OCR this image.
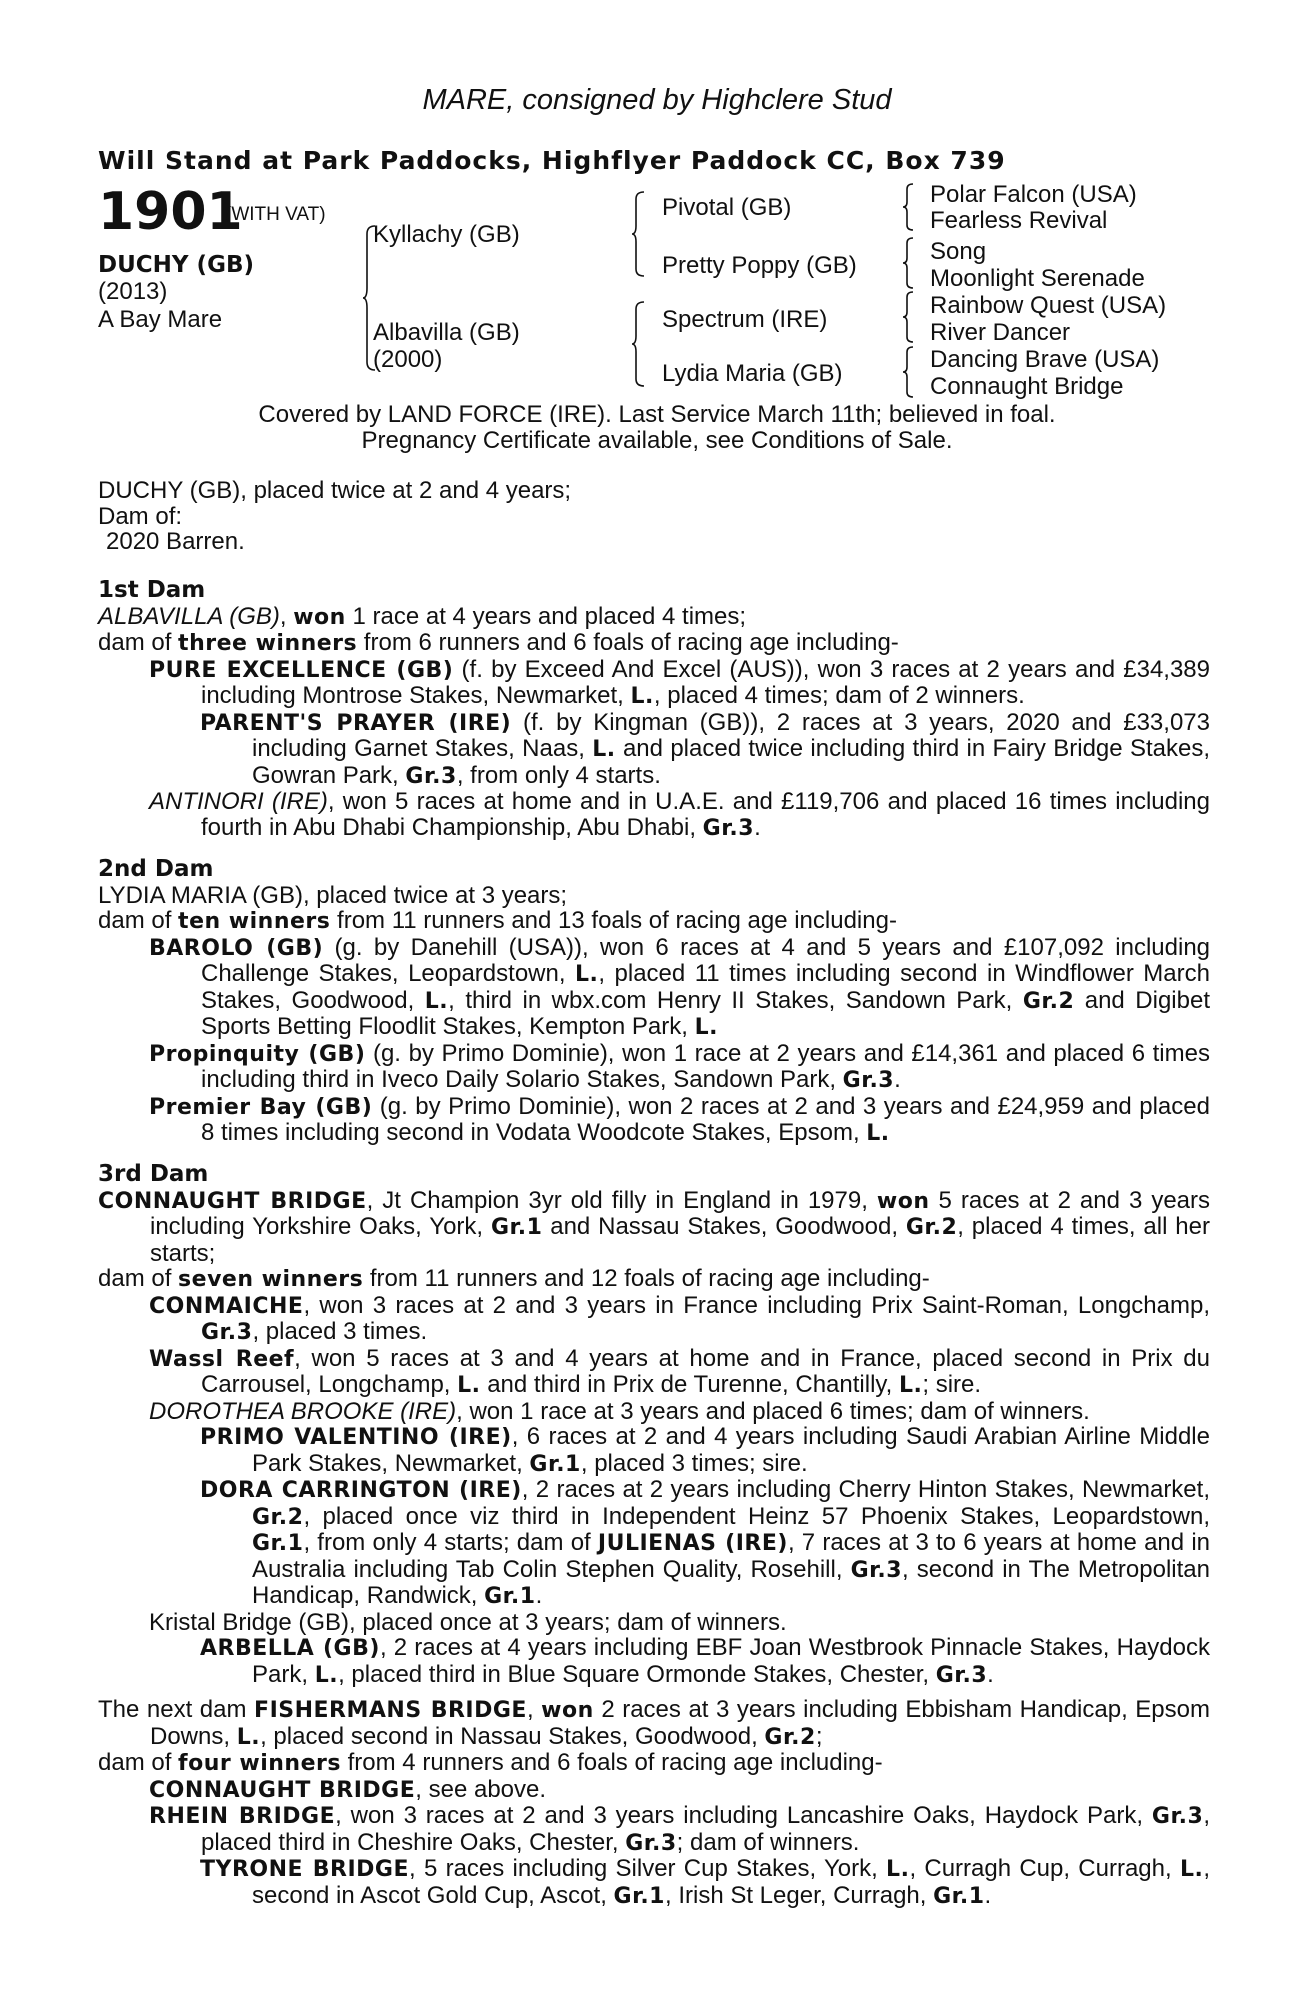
MARE, consigned by Highclere Stud
Will Stand at Park Paddocks, Highflyer Paddock CC, Box 739
1901
(WITH VAT)
DUCHY (GB)
(2013)
A Bay Mare
Kyllachy (GB)
Albavilla (GB)
(2000)
Pivotal (GB)
Pretty Poppy (GB)
Spectrum (IRE)
Lydia Maria (GB)
Polar Falcon (USA)
Fearless Revival
Song
Moonlight Serenade
Rainbow Quest (USA)
River Dancer
Dancing Brave (USA)
Connaught Bridge
Covered by LAND FORCE (IRE). Last Service March 11th; believed in foal.
Pregnancy Certificate available, see Conditions of Sale.

DUCHY (GB), placed twice at 2 and 4 years;

Dam of:

2020 Barren.

1st Dam

ALBAVILLA (GB), won 1 race at 4 years and placed 4 times;

dam of three winners from 6 runners and 6 foals of racing age including-

PURE EXCELLENCE (GB) (f. by Exceed And Excel (AUS)), won 3 races at 2 years and £34,389 including Montrose Stakes, Newmarket, L., placed 4 times; dam of 2 winners.

PARENT'S PRAYER (IRE) (f. by Kingman (GB)), 2 races at 3 years, 2020 and £33,073 including Garnet Stakes, Naas, L. and placed twice including third in Fairy Bridge Stakes, Gowran Park, Gr.3, from only 4 starts.

ANTINORI (IRE), won 5 races at home and in U.A.E. and £119,706 and placed 16 times including fourth in Abu Dhabi Championship, Abu Dhabi, Gr.3.

2nd Dam

LYDIA MARIA (GB), placed twice at 3 years;

dam of ten winners from 11 runners and 13 foals of racing age including-

BAROLO (GB) (g. by Danehill (USA)), won 6 races at 4 and 5 years and £107,092 including Challenge Stakes, Leopardstown, L., placed 11 times including second in Windflower March Stakes, Goodwood, L., third in wbx.com Henry II Stakes, Sandown Park, Gr.2 and Digibet Sports Betting Floodlit Stakes, Kempton Park, L.

Propinquity (GB) (g. by Primo Dominie), won 1 race at 2 years and £14,361 and placed 6 times including third in Iveco Daily Solario Stakes, Sandown Park, Gr.3.

Premier Bay (GB) (g. by Primo Dominie), won 2 races at 2 and 3 years and £24,959 and placed 8 times including second in Vodata Woodcote Stakes, Epsom, L.

3rd Dam

CONNAUGHT BRIDGE, Jt Champion 3yr old filly in England in 1979, won 5 races at 2 and 3 years including Yorkshire Oaks, York, Gr.1 and Nassau Stakes, Goodwood, Gr.2, placed 4 times, all her starts;

dam of seven winners from 11 runners and 12 foals of racing age including-

CONMAICHE, won 3 races at 2 and 3 years in France including Prix Saint-Roman, Longchamp, Gr.3, placed 3 times.

Wassl Reef, won 5 races at 3 and 4 years at home and in France, placed second in Prix du Carrousel, Longchamp, L. and third in Prix de Turenne, Chantilly, L.; sire.

DOROTHEA BROOKE (IRE), won 1 race at 3 years and placed 6 times; dam of winners.

PRIMO VALENTINO (IRE), 6 races at 2 and 4 years including Saudi Arabian Airline Middle Park Stakes, Newmarket, Gr.1, placed 3 times; sire.

DORA CARRINGTON (IRE), 2 races at 2 years including Cherry Hinton Stakes, Newmarket, Gr.2, placed once viz third in Independent Heinz 57 Phoenix Stakes, Leopardstown, Gr.1, from only 4 starts; dam of JULIENAS (IRE), 7 races at 3 to 6 years at home and in Australia including Tab Colin Stephen Quality, Rosehill, Gr.3, second in The Metropolitan Handicap, Randwick, Gr.1.

Kristal Bridge (GB), placed once at 3 years; dam of winners.

ARBELLA (GB), 2 races at 4 years including EBF Joan Westbrook Pinnacle Stakes, Haydock Park, L., placed third in Blue Square Ormonde Stakes, Chester, Gr.3.

The next dam FISHERMANS BRIDGE, won 2 races at 3 years including Ebbisham Handicap, Epsom Downs, L., placed second in Nassau Stakes, Goodwood, Gr.2;

dam of four winners from 4 runners and 6 foals of racing age including-

CONNAUGHT BRIDGE, see above.

RHEIN BRIDGE, won 3 races at 2 and 3 years including Lancashire Oaks, Haydock Park, Gr.3, placed third in Cheshire Oaks, Chester, Gr.3; dam of winners.

TYRONE BRIDGE, 5 races including Silver Cup Stakes, York, L., Curragh Cup, Curragh, L., second in Ascot Gold Cup, Ascot, Gr.1, Irish St Leger, Curragh, Gr.1.
